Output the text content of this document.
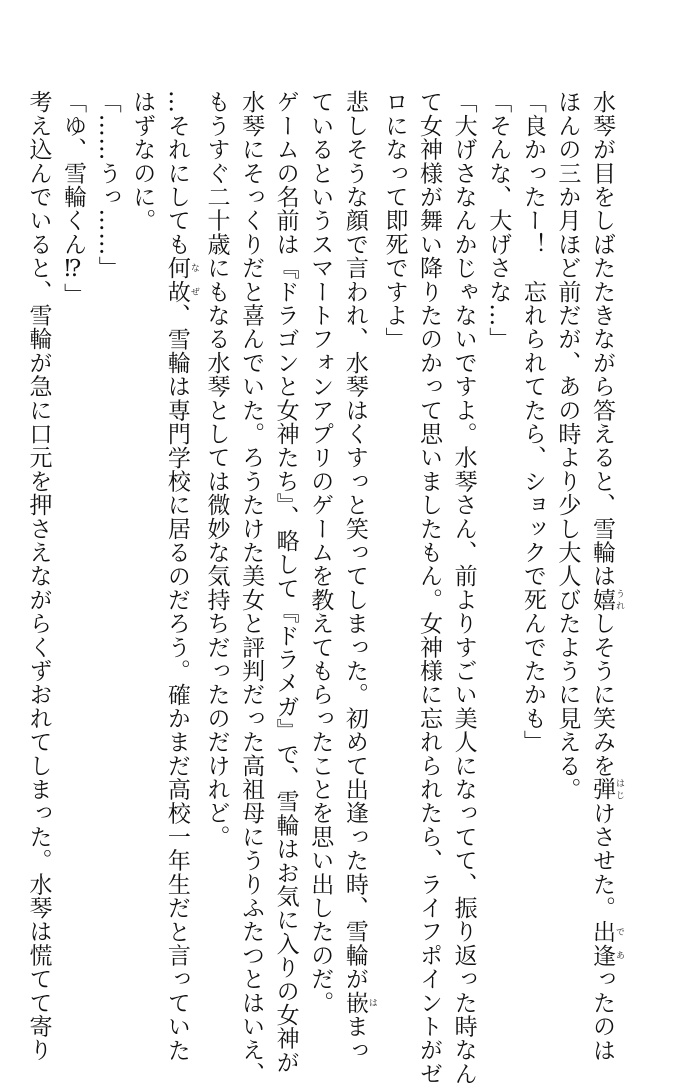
水琴が目をしばたたきながら答えると、雪輪は嬉 うれしそうに笑みを弾 はじけさせた。出逢 であったのは
ほんの三か月ほど前だが、あの時より少し大人びたように見える。
「良かったー！　忘れられてたら、ショックで死んでたかも」
「そんな、大げさな…」
「大げさなんかじゃないですよ。水琴さん、前よりすごい美人になってて、振り返った時なん
て女神様が舞い降りたのかって思いましたもん。女神様に忘れられたら、ライフポイントがゼ
ロになって即死ですよ」
悲しそうな顔で言われ、水琴はくすっと笑ってしまった。初めて出逢った時、雪輪が嵌 はまっ
ているというスマートフォンアプリのゲームを教えてもらったことを思い出したのだ。
ゲームの名前は『ドラゴンと女神たち』、略して『ドラメガ』で、雪輪はお気に入りの女神が
水琴にそっくりだと喜んでいた。ろうたけた美女と評判だった高祖母にうりふたつとはいえ、
もうすぐ二十歳にもなる水琴としては微妙な気持ちだったのだけれど。
…それにしても何故 なぜ、雪輪は専門学校に居るのだろう。確かまだ高校一年生だと言っていた
はずなのに。
「……うっ……」
「ゆ、雪輪くん⁉」
考え込んでいると、雪輪が急に口元を押さえながらくずおれてしまった。水琴は慌てて寄り
